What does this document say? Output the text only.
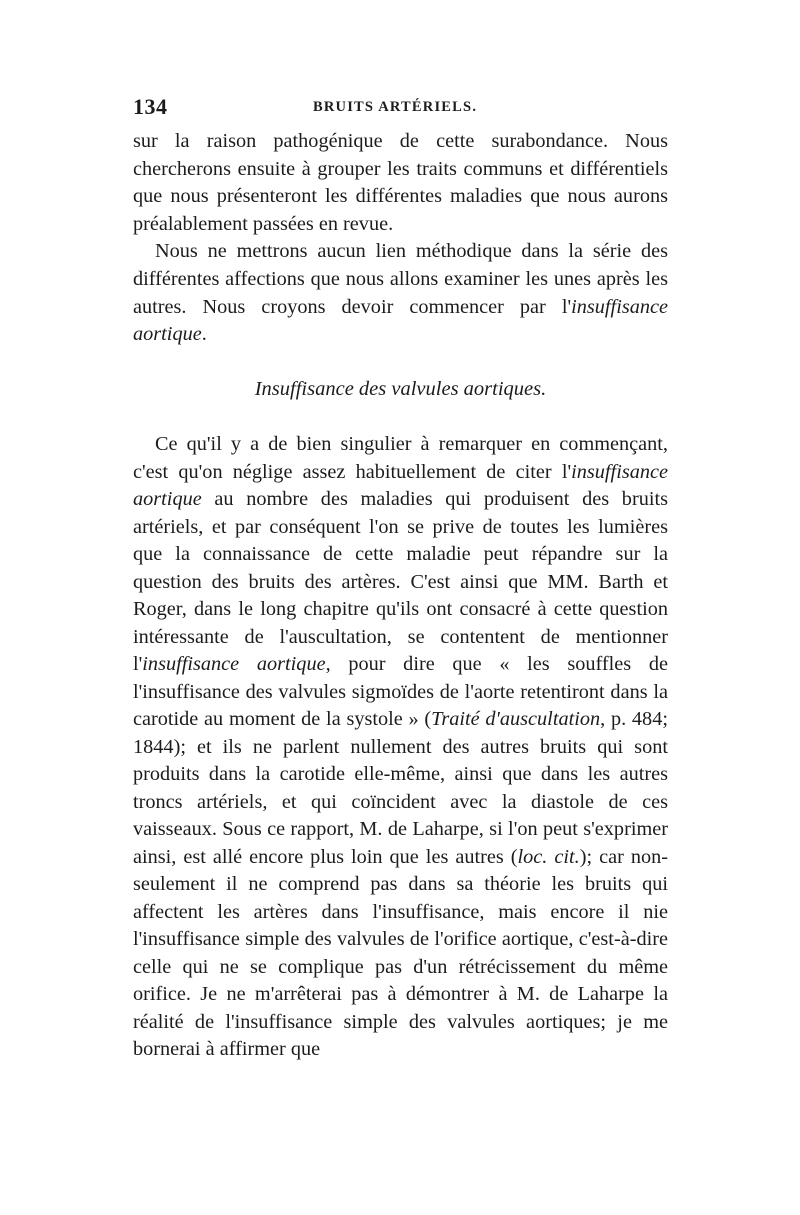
134	BRUITS ARTÉRIELS.

sur la raison pathogénique de cette surabondance. Nous chercherons ensuite à grouper les traits communs et différentiels que nous présenteront les différentes maladies que nous aurons préalablement passées en revue.

Nous ne mettrons aucun lien méthodique dans la série des différentes affections que nous allons examiner les unes après les autres. Nous croyons devoir commencer par l'insuffisance aortique.

Insuffisance des valvules aortiques.

Ce qu'il y a de bien singulier à remarquer en commençant, c'est qu'on néglige assez habituellement de citer l'insuffisance aortique au nombre des maladies qui produisent des bruits artériels, et par conséquent l'on se prive de toutes les lumières que la connaissance de cette maladie peut répandre sur la question des bruits des artères. C'est ainsi que MM. Barth et Roger, dans le long chapitre qu'ils ont consacré à cette question intéressante de l'auscultation, se contentent de mentionner l'insuffisance aortique, pour dire que « les souffles de l'insuffisance des valvules sigmoïdes de l'aorte retentiront dans la carotide au moment de la systole » (Traité d'auscultation, p. 484; 1844); et ils ne parlent nullement des autres bruits qui sont produits dans la carotide elle-même, ainsi que dans les autres troncs artériels, et qui coïncident avec la diastole de ces vaisseaux. Sous ce rapport, M. de Laharpe, si l'on peut s'exprimer ainsi, est allé encore plus loin que les autres (loc. cit.); car non-seulement il ne comprend pas dans sa théorie les bruits qui affectent les artères dans l'insuffisance, mais encore il nie l'insuffisance simple des valvules de l'orifice aortique, c'est-à-dire celle qui ne se complique pas d'un rétrécissement du même orifice. Je ne m'arrêterai pas à démontrer à M. de Laharpe la réalité de l'insuffisance simple des valvules aortiques; je me bornerai à affirmer que
